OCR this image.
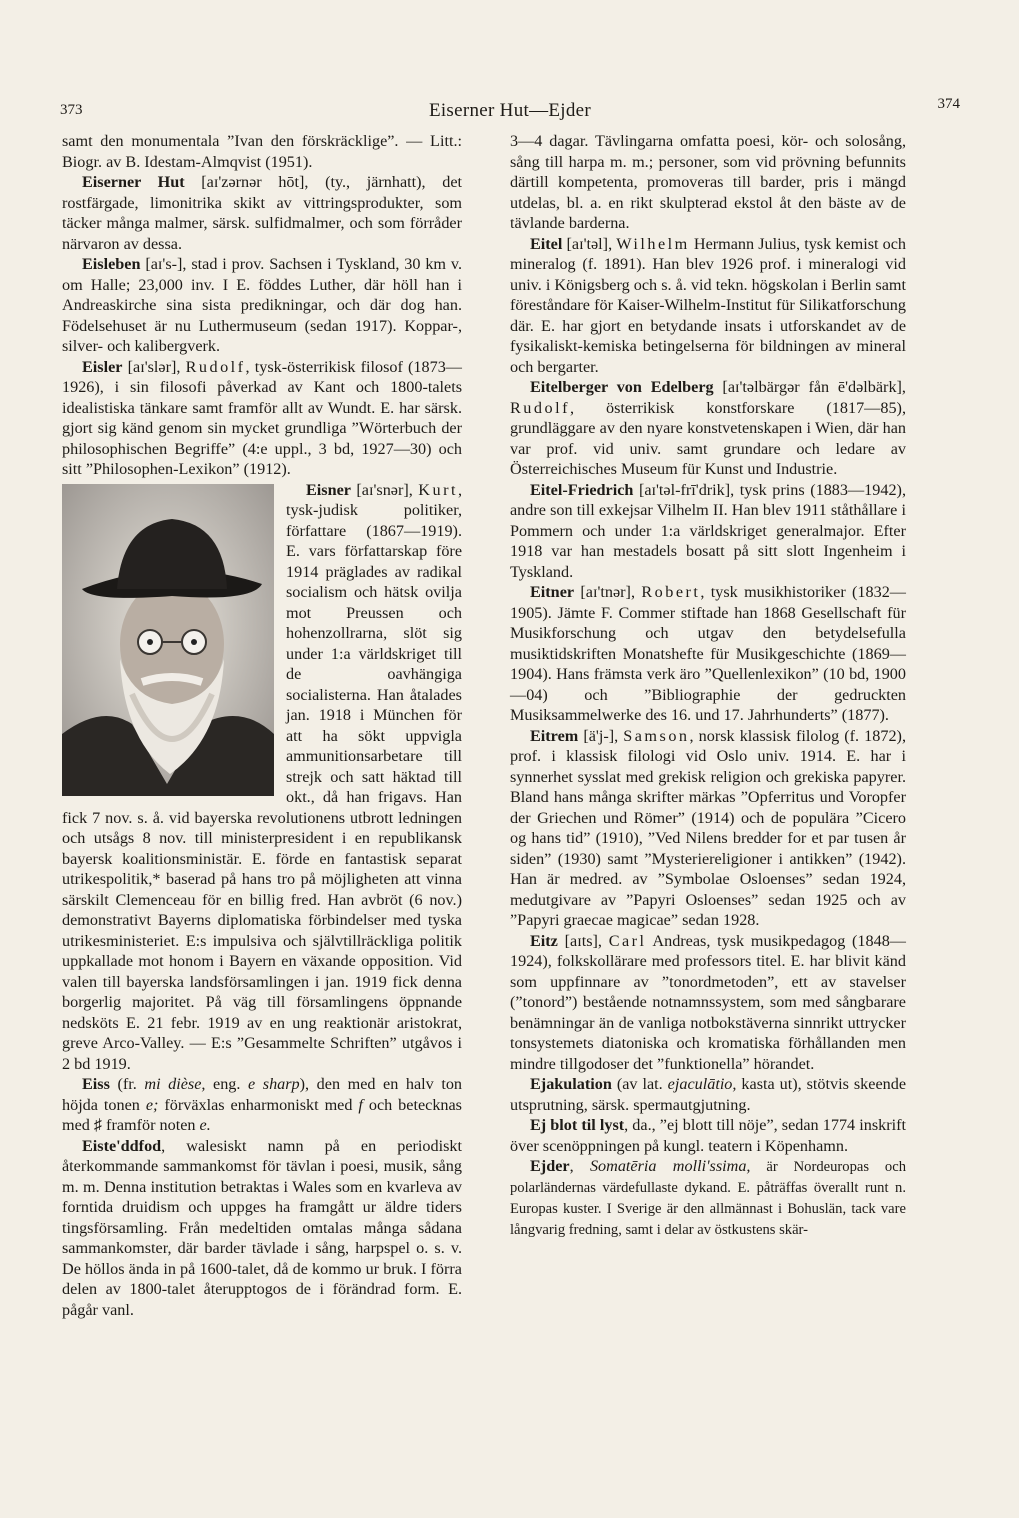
373	Eiserner Hut—Ejder	374

samt den monumentala ”Ivan den förskräcklige”. — Litt.: Biogr. av B. Idestam-Almqvist (1951).

Eiserner Hut [aɪ'zərnər hōt], (ty., järnhatt), det rostfärgade, limonitrika skikt av vittringsprodukter, som täcker många malmer, särsk. sulfidmalmer, och som förråder närvaron av dessa.

Eisleben [aɪ's-], stad i prov. Sachsen i Tyskland, 30 km v. om Halle; 23,000 inv. I E. föddes Luther, där höll han i Andreaskirche sina sista predikningar, och där dog han. Födelsehuset är nu Luthermuseum (sedan 1917). Koppar-, silver- och kalibergverk.

Eisler [aɪ'slər], Rudolf, tysk-österrikisk filosof (1873—1926), i sin filosofi påverkad av Kant och 1800-talets idealistiska tänkare samt framför allt av Wundt. E. har särsk. gjort sig känd genom sin mycket grundliga ”Wörterbuch der philosophischen Begriffe” (4:e uppl., 3 bd, 1927—30) och sitt ”Philosophen-Lexikon” (1912).

Eisner [aɪ'snər], Kurt, tysk-judisk politiker, författare (1867—1919). E. vars författarskap före 1914 präglades av radikal socialism och hätsk ovilja mot Preussen och hohenzollrarna, slöt sig under 1:a världskriget till de oavhängiga socialisterna. Han åtalades jan. 1918 i München för att ha sökt uppvigla ammunitionsarbetare till strejk och satt häktad till okt., då han frigavs. Han fick 7 nov. s. å. vid bayerska revolutionens utbrott ledningen och utsågs 8 nov. till ministerpresident i en republikansk bayersk koalitionsministär. E. förde en fantastisk separat utrikespolitik,* baserad på hans tro på möjligheten att vinna särskilt Clemenceau för en billig fred. Han avbröt (6 nov.) demonstrativt Bayerns diplomatiska förbindelser med tyska utrikesministeriet. E:s impulsiva och självtillräckliga politik uppkallade mot honom i Bayern en växande opposition. Vid valen till bayerska landsförsamlingen i jan. 1919 fick denna borgerlig majoritet. På väg till församlingens öppnande nedsköts E. 21 febr. 1919 av en ung reaktionär aristokrat, greve Arco-Valley. — E:s ”Gesammelte Schriften” utgåvos i 2 bd 1919.

Eiss (fr. mi dièse, eng. e sharp), den med en halv ton höjda tonen e; förväxlas enharmoniskt med f och betecknas med ♯ framför noten e.

Eiste'ddfod, walesiskt namn på en periodiskt återkommande sammankomst för tävlan i poesi, musik, sång m. m. Denna institution betraktas i Wales som en kvarleva av forntida druidism och uppges ha framgått ur äldre tiders tingsförsamling. Från medeltiden omtalas många sådana sammankomster, där barder tävlade i sång, harpspel o. s. v. De höllos ända in på 1600-talet, då de kommo ur bruk. I förra delen av 1800-talet återupptogos de i förändrad form. E. pågår vanl.

3—4 dagar. Tävlingarna omfatta poesi, kör- och solosång, sång till harpa m. m.; personer, som vid prövning befunnits därtill kompetenta, promoveras till barder, pris i mängd utdelas, bl. a. en rikt skulpterad ekstol åt den bäste av de tävlande barderna.

Eitel [aɪ'təl], Wilhelm Hermann Julius, tysk kemist och mineralog (f. 1891). Han blev 1926 prof. i mineralogi vid univ. i Königsberg och s. å. vid tekn. högskolan i Berlin samt föreståndare för Kaiser-Wilhelm-Institut für Silikatforschung där. E. har gjort en betydande insats i utforskandet av de fysikaliskt-kemiska betingelserna för bildningen av mineral och bergarter.

Eitelberger von Edelberg [aɪ'təlbärgər fån ē'dəlbärk], Rudolf, österrikisk konstforskare (1817—85), grundläggare av den nyare konstvetenskapen i Wien, där han var prof. vid univ. samt grundare och ledare av Österreichisches Museum für Kunst und Industrie.

Eitel-Friedrich [aɪ'təl-frī'drik], tysk prins (1883—1942), andre son till exkejsar Vilhelm II. Han blev 1911 ståthållare i Pommern och under 1:a världskriget generalmajor. Efter 1918 var han mestadels bosatt på sitt slott Ingenheim i Tyskland.

Eitner [aɪ'tnər], Robert, tysk musikhistoriker (1832—1905). Jämte F. Commer stiftade han 1868 Gesellschaft für Musikforschung och utgav den betydelsefulla musiktidskriften Monatshefte für Musikgeschichte (1869—1904). Hans främsta verk äro ”Quellenlexikon” (10 bd, 1900—04) och ”Bibliographie der gedruckten Musiksammelwerke des 16. und 17. Jahrhunderts” (1877).

Eitrem [ä'j-], Samson, norsk klassisk filolog (f. 1872), prof. i klassisk filologi vid Oslo univ. 1914. E. har i synnerhet sysslat med grekisk religion och grekiska papyrer. Bland hans många skrifter märkas ”Opferritus und Voropfer der Griechen und Römer” (1914) och de populära ”Cicero og hans tid” (1910), ”Ved Nilens bredder for et par tusen år siden” (1930) samt ”Mysteriereligioner i antikken” (1942). Han är medred. av ”Symbolae Osloenses” sedan 1924, medutgivare av ”Papyri Osloenses” sedan 1925 och av ”Papyri graecae magicae” sedan 1928.

Eitz [aɪts], Carl Andreas, tysk musikpedagog (1848—1924), folkskollärare med professors titel. E. har blivit känd som uppfinnare av ”tonordmetoden”, ett av stavelser (”tonord”) bestående notnamnssystem, som med sångbarare benämningar än de vanliga notbokstäverna sinnrikt uttrycker tonsystemets diatoniska och kromatiska förhållanden men mindre tillgodoser det ”funktionella” hörandet.

Ejakulation (av lat. ejaculātio, kasta ut), stötvis skeende utsprutning, särsk. spermautgjutning.

Ej blot til lyst, da., ”ej blott till nöje”, sedan 1774 inskrift över scenöppningen på kungl. teatern i Köpenhamn.

Ejder, Somatēria molli'ssima, är Nordeuropas och polarländernas värdefullaste dykand. E. påträffas överallt runt n. Europas kuster. I Sverige är den allmännast i Bohuslän, tack vare långvarig fredning, samt i delar av östkustens skär-
